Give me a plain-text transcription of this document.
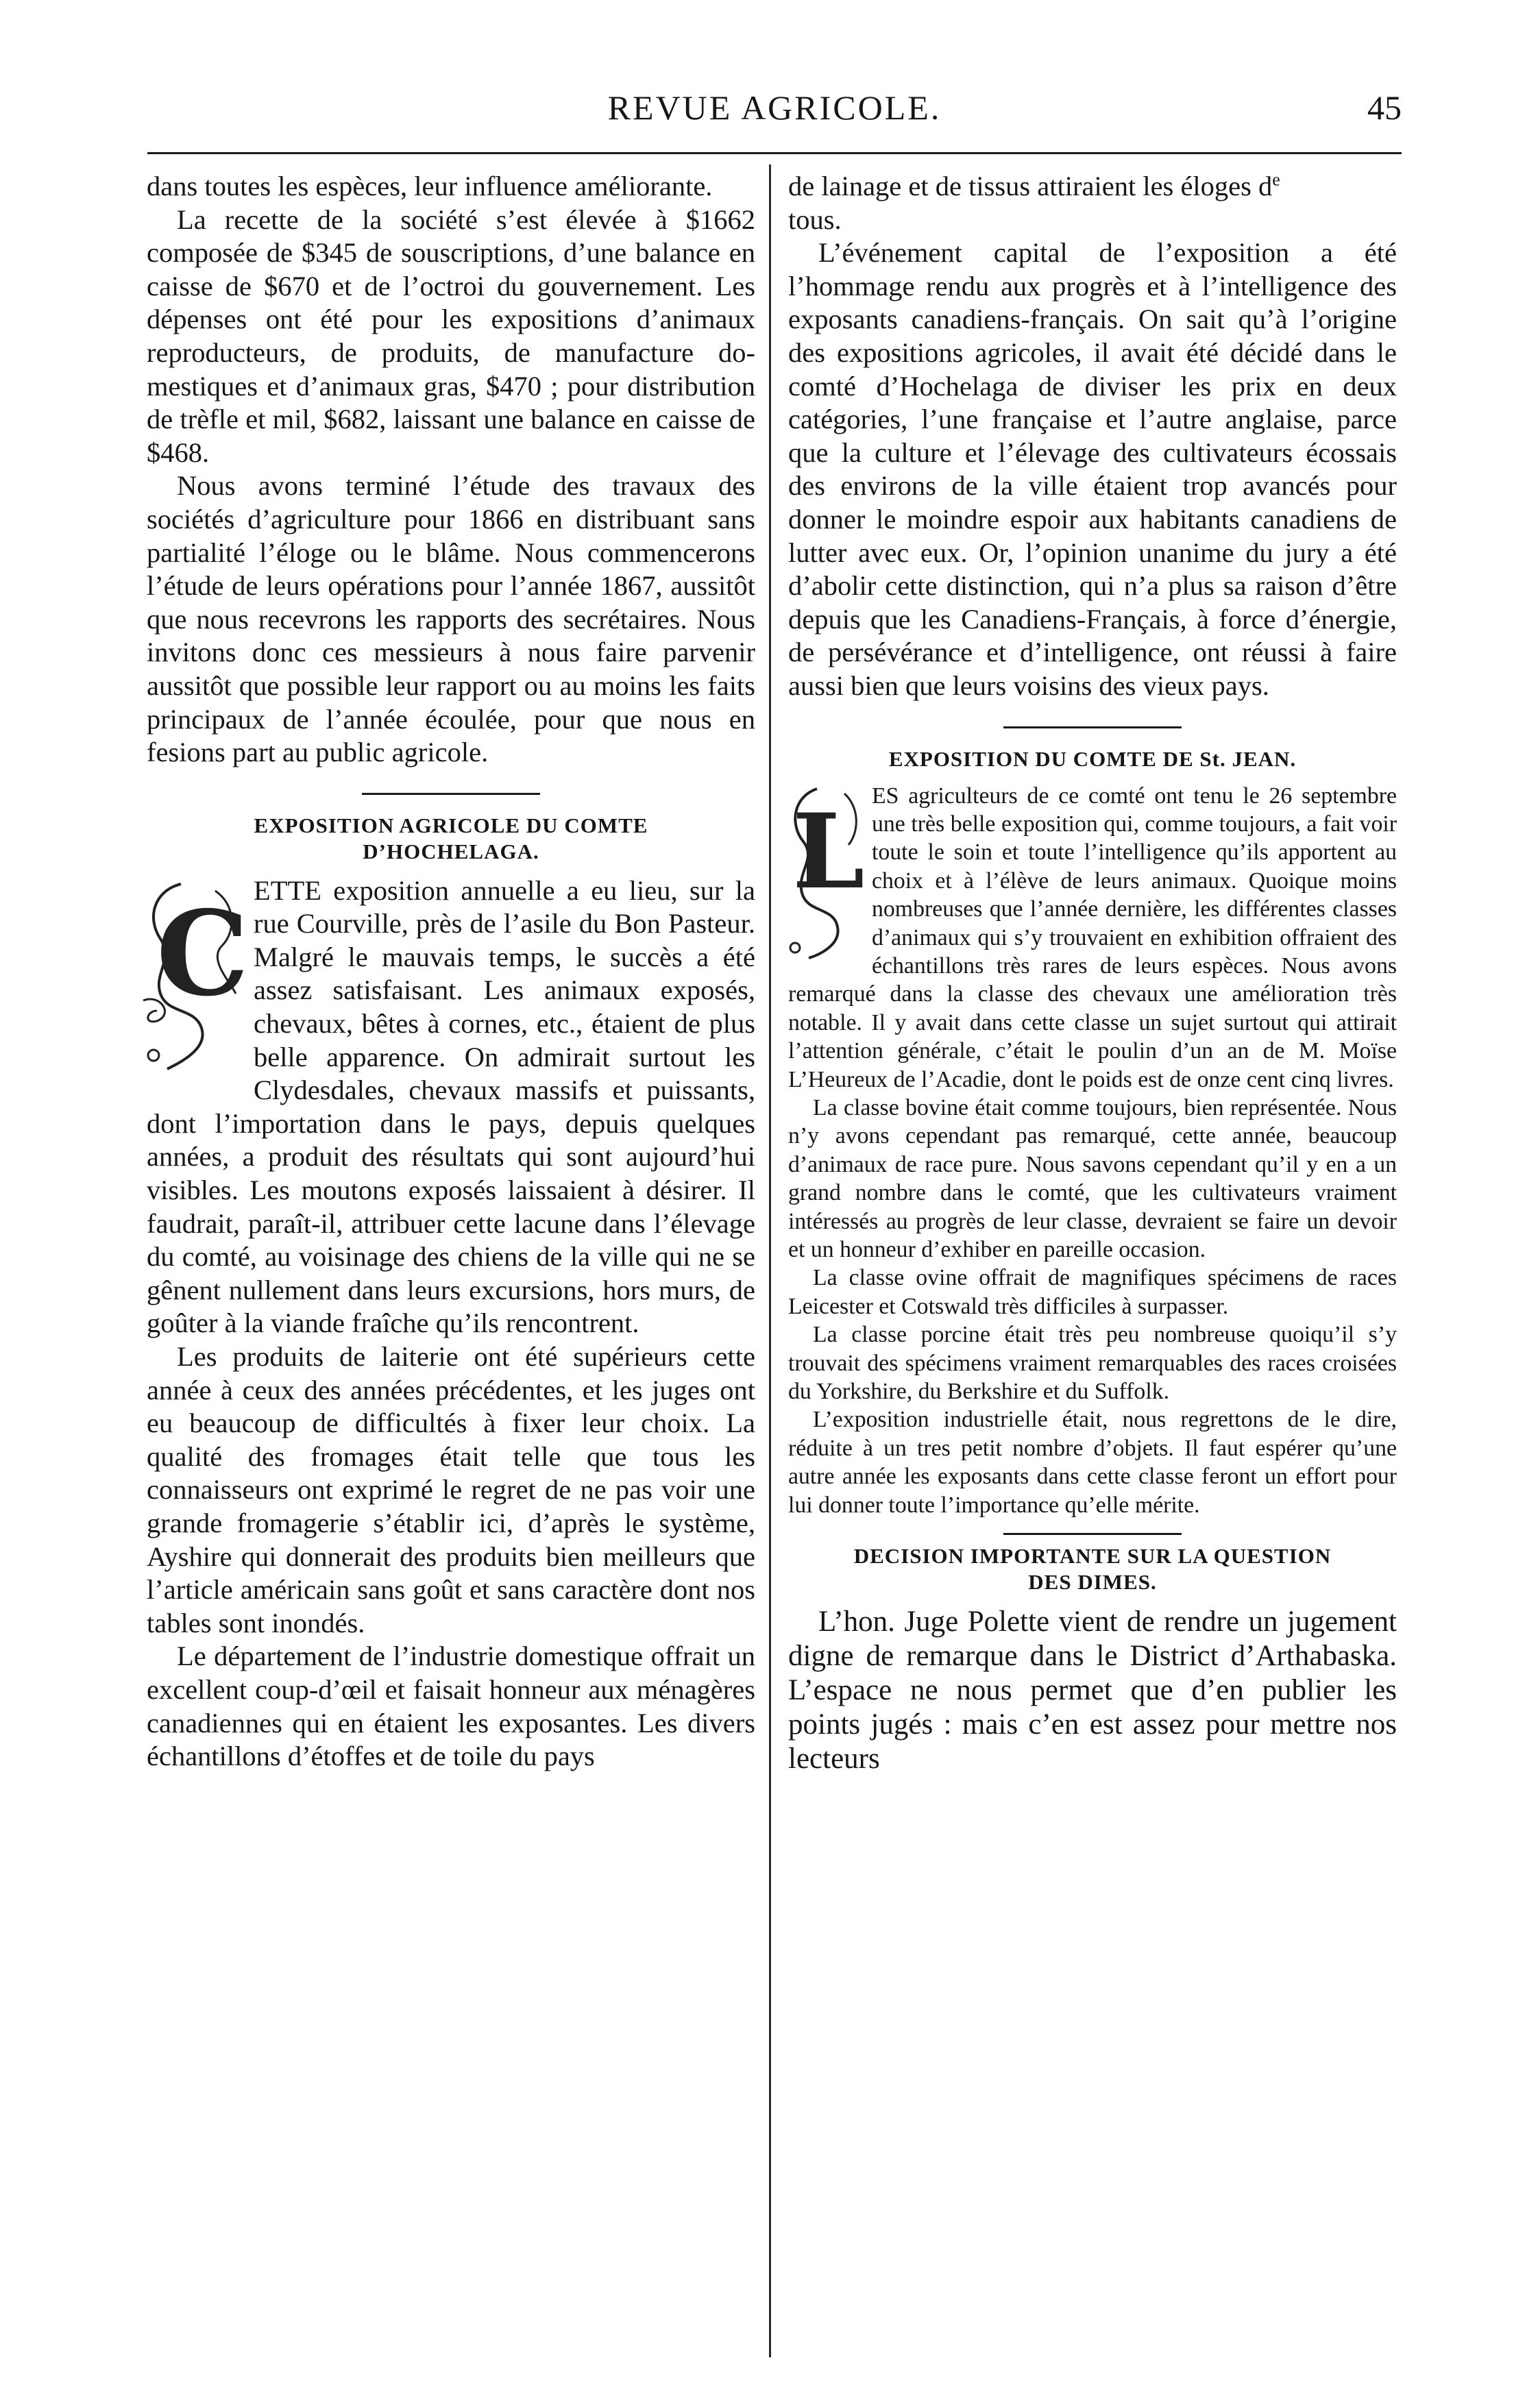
REVUE AGRICOLE.	45

dans toutes les espèces, leur influence améliorante.

La recette de la société s’est élevée à $1662 composée de $345 de souscriptions, d’une balance en caisse de $670 et de l’octroi du gouvernement. Les dépenses ont été pour les expositions d’animaux reproducteurs, de produits, de manufacture domestiques et d’animaux gras, $470 ; pour distribution de trèfle et mil, $682, laissant une balance en caisse de $468.

Nous avons terminé l’étude des travaux des sociétés d’agriculture pour 1866 en distribuant sans partialité l’éloge ou le blâme. Nous commencerons l’étude de leurs opérations pour l’année 1867, aussitôt que nous recevrons les rapports des secrétaires. Nous invitons donc ces messieurs à nous faire parvenir aussitôt que possible leur rapport ou au moins les faits principaux de l’année écoulée, pour que nous en fesions part au public agricole.

EXPOSITION AGRICOLE DU COMTE
D’HOCHELAGA.
C ETTE exposition annuelle a eu lieu, sur la rue Courville, près de l’asile du Bon Pasteur. Malgré le mauvais temps, le succès a été assez satisfaisant. Les animaux exposés, chevaux, bêtes à cornes, etc., étaient de plus belle apparence. On admirait surtout les Clydesdales, chevaux massifs et puissants, dont l’importation dans le pays, depuis quelques années, a produit des résultats qui sont aujourd’hui visibles. Les moutons exposés laissaient à désirer. Il faudrait, paraît-il, attribuer cette lacune dans l’élevage du comté, au voisinage des chiens de la ville qui ne se gênent nullement dans leurs excursions, hors murs, de goûter à la viande fraîche qu’ils rencontrent.

Les produits de laiterie ont été supérieurs cette année à ceux des années précédentes, et les juges ont eu beaucoup de difficultés à fixer leur choix. La qualité des fromages était telle que tous les connaisseurs ont exprimé le regret de ne pas voir une grande fromagerie s’établir ici, d’après le système, Ayshire qui donnerait des produits bien meilleurs que l’article américain sans goût et sans caractère dont nos tables sont inondés.

Le département de l’industrie domestique offrait un excellent coup-d’œil et faisait honneur aux ménagères canadiennes qui en étaient les exposantes. Les divers échantillons d’étoffes et de toile du pays

de lainage et de tissus attiraient les éloges $d^e$
tous.

L’événement capital de l’exposition a été l’hommage rendu aux progrès et à l’intelligence des exposants canadiens-français. On sait qu’à l’origine des expositions agricoles, il avait été décidé dans le comté d’Hochelaga de diviser les prix en deux catégories, l’une française et l’autre anglaise, parce que la culture et l’élevage des cultivateurs écossais des environs de la ville étaient trop avancés pour donner le moindre espoir aux habitants canadiens de lutter avec eux. Or, l’opinion unanime du jury a été d’abolir cette distinction, qui n’a plus sa raison d’être depuis que les Canadiens-Français, à force d’énergie, de persévérance et d’intelligence, ont réussi à faire aussi bien que leurs voisins des vieux pays.

EXPOSITION DU COMTE DE St. JEAN.
L ES agriculteurs de ce comté ont tenu le 26 septembre une très belle exposition qui, comme toujours, a fait voir toute le soin et toute l’intelligence qu’ils apportent au choix et à l’élève de leurs animaux. Quoique moins nombreuses que l’année dernière, les différentes classes d’animaux qui s’y trouvaient en exhibition offraient des échantillons très rares de leurs espèces. Nous avons remarqué dans la classe des chevaux une amélioration très notable. Il y avait dans cette classe un sujet surtout qui attirait l’attention générale, c’était le poulin d’un an de M. Moïse L’Heureux de l’Acadie, dont le poids est de onze cent cinq livres.

La classe bovine était comme toujours, bien représentée. Nous n’y avons cependant pas remarqué, cette année, beaucoup d’animaux de race pure. Nous savons cependant qu’il y en a un grand nombre dans le comté, que les cultivateurs vraiment intéressés au progrès de leur classe, devraient se faire un devoir et un honneur d’exhiber en pareille occasion.

La classe ovine offrait de magnifiques spécimens de races Leicester et Cotswald très difficiles à surpasser.

La classe porcine était très peu nombreuse quoiqu’il s’y trouvait des spécimens vraiment remarquables des races croisées du Yorkshire, du Berkshire et du Suffolk.

L’exposition industrielle était, nous regrettons de le dire, réduite à un tres petit nombre d’objets. Il faut espérer qu’une autre année les exposants dans cette classe feront un effort pour lui donner toute l’importance qu’elle mérite.

DECISION IMPORTANTE SUR LA QUESTION
DES DIMES.

L’hon. Juge Polette vient de rendre un jugement digne de remarque dans le District d’Arthabaska. L’espace ne nous permet que d’en publier les points jugés : mais c’en est assez pour mettre nos lecteurs
